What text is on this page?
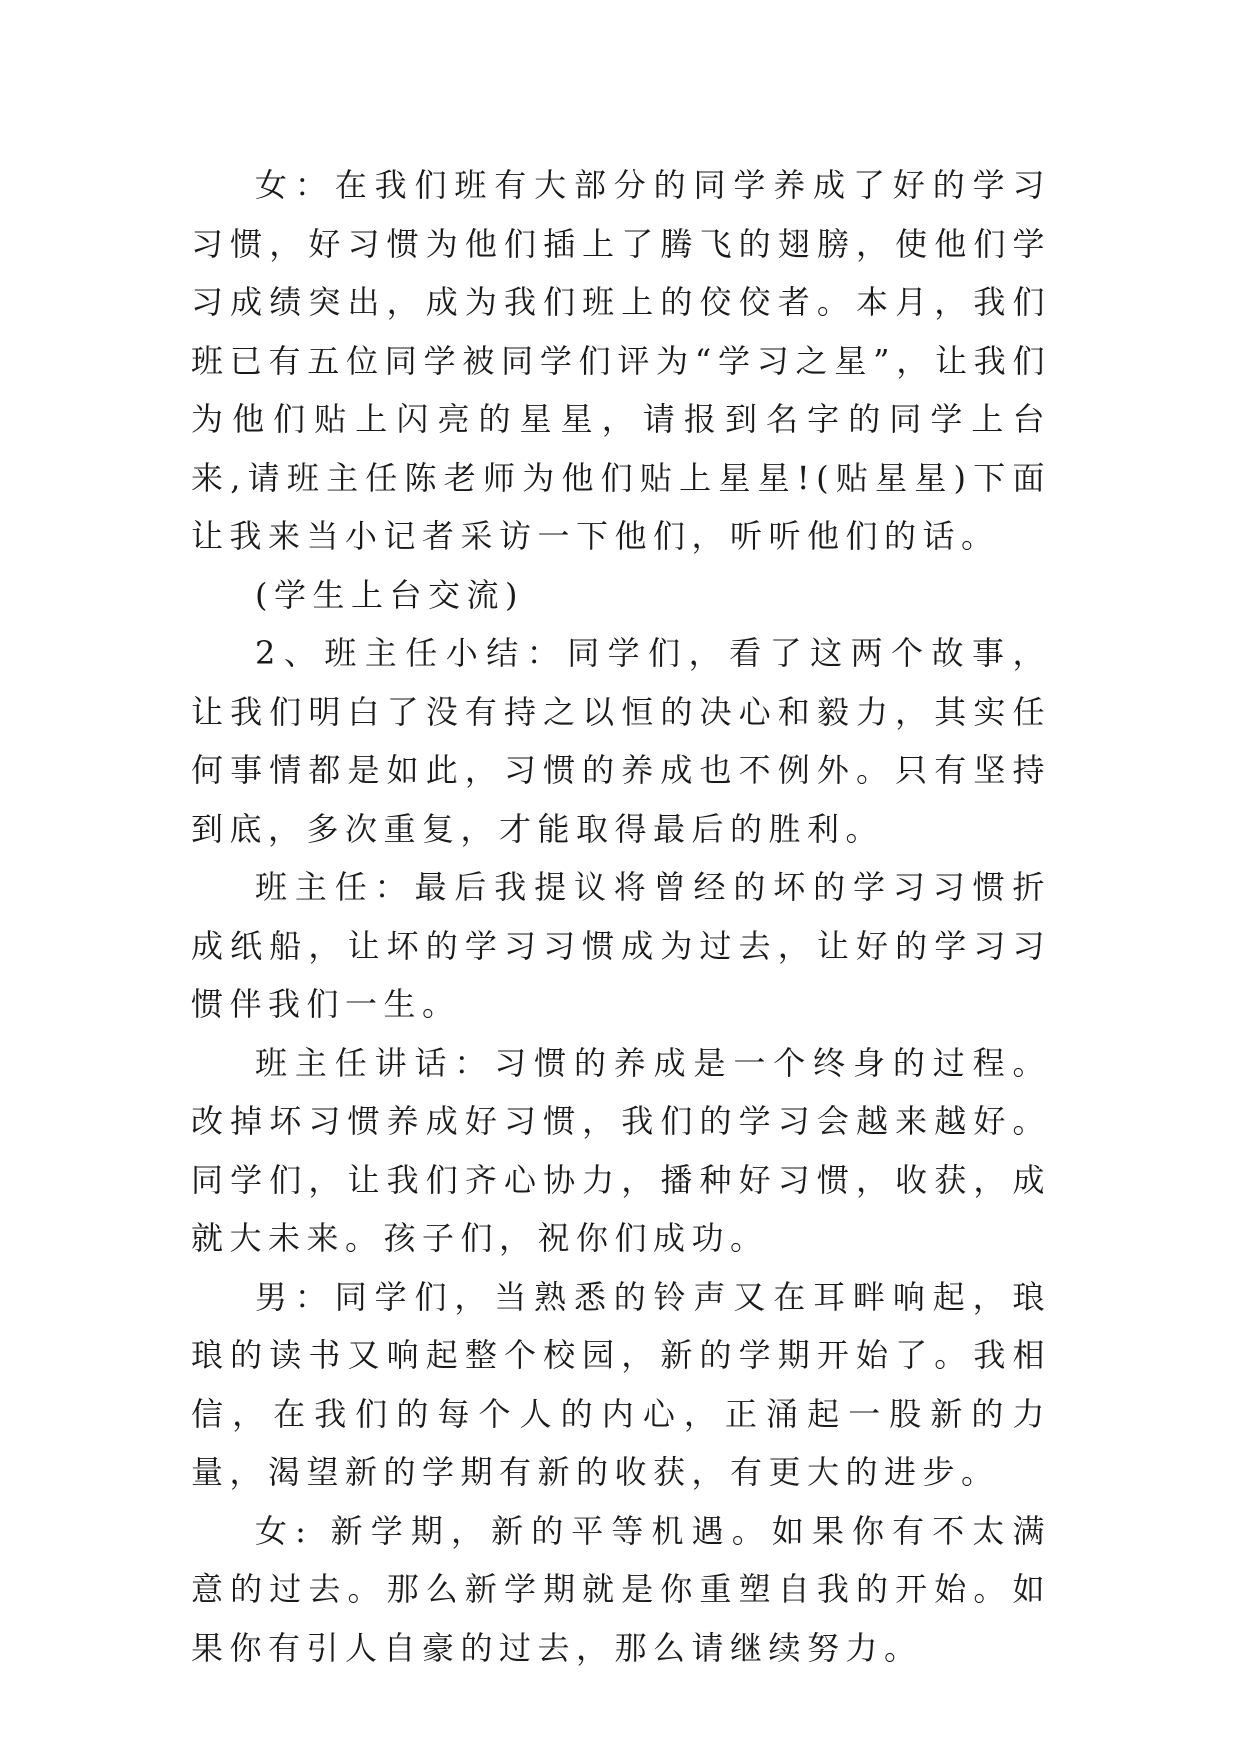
女：在我们班有大部分的同学养成了好的学习习惯，好习惯为他们插上了腾飞的翅膀，使他们学习成绩突出，成为我们班上的佼佼者。本月，我们班已有五位同学被同学们评为“学习之星”，让我们为他们贴上闪亮的星星，请报到名字的同学上台来,请班主任陈老师为他们贴上星星!(贴星星)下面让我来当小记者采访一下他们，听听他们的话。

(学生上台交流)

2、班主任小结：同学们，看了这两个故事，让我们明白了没有持之以恒的决心和毅力，其实任何事情都是如此，习惯的养成也不例外。只有坚持到底，多次重复，才能取得最后的胜利。

班主任：最后我提议将曾经的坏的学习习惯折成纸船，让坏的学习习惯成为过去，让好的学习习惯伴我们一生。

班主任讲话：习惯的养成是一个终身的过程。改掉坏习惯养成好习惯，我们的学习会越来越好。同学们，让我们齐心协力，播种好习惯，收获，成就大未来。孩子们，祝你们成功。

男：同学们，当熟悉的铃声又在耳畔响起，琅琅的读书又响起整个校园，新的学期开始了。我相信，在我们的每个人的内心，正涌起一股新的力量，渴望新的学期有新的收获，有更大的进步。

女: 新学期，新的平等机遇。如果你有不太满意的过去。那么新学期就是你重塑自我的开始。如果你有引人自豪的过去，那么请继续努力。
